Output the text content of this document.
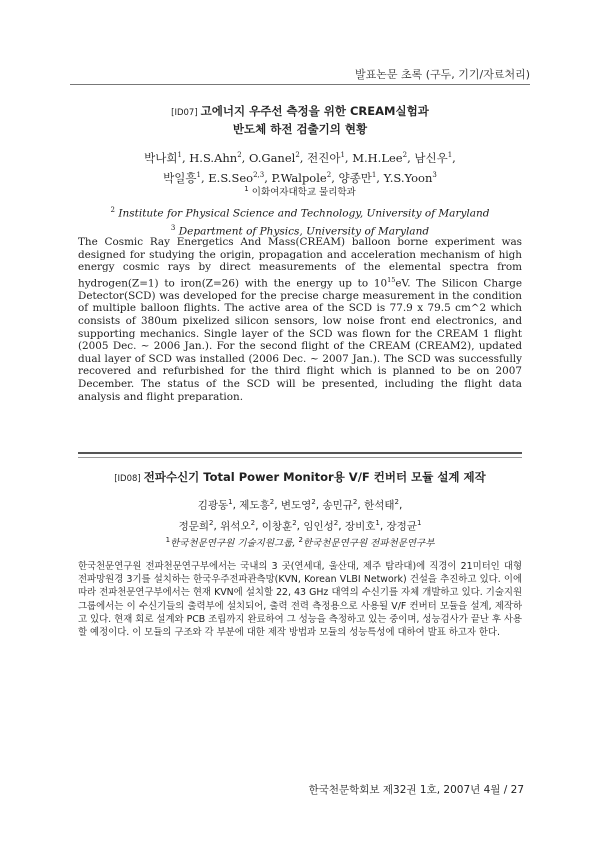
발표논문 초록 (구두, 기기/자료처리)
[ID07] 고에너지 우주선 측정을 위한 CREAM실험과
반도체 하전 검출기의 현황
박나희$^1$, H.S.Ahn$^2$, O.Ganel$^2$, 전진아$^1$, M.H.Lee$^2$, 남신우$^1$,
박일흥$^1$, E.S.Seo$^{2,3}$, P.Walpole$^2$, 양종만$^1$, Y.S.Yoon$^3$
$^1$ 이화여자대학교 물리학과
$^2$ Institute for Physical Science and Technology, University of Maryland
$^3$ Department of Physics, University of Maryland
The Cosmic Ray Energetics And Mass(CREAM) balloon borne experiment was designed for studying the origin, propagation and acceleration mechanism of high energy cosmic rays by direct measurements of the elemental spectra from hydrogen(Z=1) to iron(Z=26) with the energy up to $10^{15}eV$. The Silicon Charge Detector(SCD) was developed for the precise charge measurement in the condition of multiple balloon flights. The active area of the SCD is 77.9 x 79.5 cm^2 which consists of 380um pixelized silicon sensors, low noise front end electronics, and supporting mechanics. Single layer of the SCD was flown for the CREAM 1 flight (2005 Dec. ~ 2006 Jan.). For the second flight of the CREAM (CREAM2), updated dual layer of SCD was installed (2006 Dec. ~ 2007 Jan.). The SCD was successfully recovered and refurbished for the third flight which is planned to be on 2007 December. The status of the SCD will be presented, including the flight data analysis and flight preparation.
[ID08] 전파수신기 Total Power Monitor용 V/F 컨버터 모듈 설계 제작
김광동$^1$, 제도흥$^2$, 변도영$^2$, 송민규$^2$, 한석태$^2$,
정문희$^2$, 위석오$^2$, 이창훈$^2$, 임인성$^2$, 장비호$^1$, 장정균$^1$
$^1$한국천문연구원 기술지원그룹, $^2$한국천문연구원 전파천문연구부
한국천문연구원 전파천문연구부에서는 국내의 3 곳(연세대, 울산대, 제주 탐라대)에 직경이 21미터인 대형 전파망원경 3기를 설치하는 한국우주전파관측망(KVN, Korean VLBI Network) 건설을 추진하고 있다. 이에 따라 전파천문연구부에서는 현재 KVN에 설치할 22, 43 GHz 대역의 수신기를 자체 개발하고 있다. 기술지원그룹에서는 이 수신기들의 출력부에 설치되어, 출력 전력 측정용으로 사용될 V/F 컨버터 모듈을 설계, 제작하고 있다. 현재 회로 설계와 PCB 조립까지 완료하여 그 성능을 측정하고 있는 중이며, 성능검사가 끝난 후 사용할 예정이다. 이 모듈의 구조와 각 부분에 대한 제작 방법과 모듈의 성능특성에 대하여 발표 하고자 한다.
한국천문학회보 제32권 1호, 2007년 4월 / 27
